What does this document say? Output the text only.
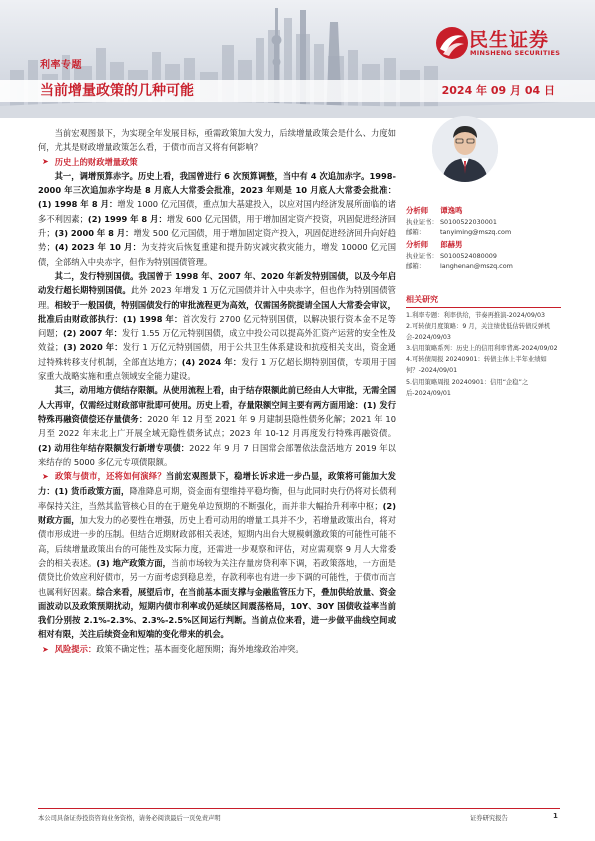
利率专题
当前增量政策的几种可能	2024 年 09 月 04 日
民生证券
MINSHENG SECURITIES

当前宏观图景下，为实现全年发展目标，亟需政策加大发力，后续增量政策会是什么、力度如何，尤其是财政增量政策怎么看，于债市而言又将有何影响？

➤ 历史上的财政增量政策

其一，调增预算赤字。历史上看，我国曾进行 6 次预算调整，当中有 4 次追加赤字。1998-2000 年三次追加赤字均是 8 月底人大常委会批准，2023 年则是 10 月底人大常委会批准：(1) 1998 年 8 月：增发 1000 亿元国债，重点加大基建投入，以应对国内经济发展所面临的诸多不利因素；(2) 1999 年 8 月：增发 600 亿元国债，用于增加固定资产投资，巩固促进经济回升；(3) 2000 年 8 月：增发 500 亿元国债，用于增加固定资产投入，巩固促进经济回升向好趋势；(4) 2023 年 10 月：为支持灾后恢复重建和提升防灾减灾救灾能力，增发 10000 亿元国债，全部纳入中央赤字，但作为特别国债管理。

其二，发行特别国债。我国曾于 1998 年、2007 年、2020 年新发特别国债，以及今年启动发行超长期特别国债。此外 2023 年增发 1 万亿元国债并计入中央赤字，但也作为特别国债管理。相较于一般国债，特别国债发行的审批流程更为高效，仅需国务院提请全国人大常委会审议，批准后由财政部执行：(1) 1998 年：首次发行 2700 亿元特别国债，以解决银行资本金不足等问题；(2) 2007 年：发行 1.55 万亿元特别国债，成立中投公司以提高外汇资产运营的安全性及效益；(3) 2020 年：发行 1 万亿元特别国债，用于公共卫生体系建设和抗疫相关支出，资金通过特殊转移支付机制，全部直达地方；(4) 2024 年：发行 1 万亿超长期特别国债，专项用于国家重大战略实施和重点领域安全能力建设。

其三，动用地方债结存限额。从使用流程上看，由于结存限额此前已经由人大审批，无需全国人大再审，仅需经过财政部审批即可使用。历史上看，存量限额空间主要有两方面用途：(1) 发行特殊再融资债偿还存量债务：2020 年 12 月至 2021 年 9 月建制县隐性债务化解；2021 年 10 月至 2022 年末北上广开展全域无隐性债务试点；2023 年 10-12 月再度发行特殊再融资债。(2) 动用往年结存限额发行新增专项债：2022 年 9 月 7 日国常会部署依法盘活地方 2019 年以来结存的 5000 多亿元专项债限额。

➤ 政策与债市，还将如何演绎？当前宏观图景下，稳增长诉求进一步凸显，政策将可能加大发力：(1) 货币政策方面，降准降息可期，资金面有望维持平稳均衡，但与此同时央行仍将对长债利率保持关注，当然其监管核心目的在于避免单边预期的不断强化，而并非大幅抬升利率中枢；(2) 财政方面，加大发力的必要性在增强，历史上看可动用的增量工具并不少，若增量政策出台，将对债市形成进一步的压制。但结合近期财政部相关表述，短期内出台大规模刺激政策的可能性可能不高，后续增量政策出台的可能性及实际力度，还需进一步观察和评估，对应需观察 9 月人大常委会的相关表述。(3) 地产政策方面，当前市场较为关注存量房贷利率下调，若政策落地，一方面是债贷比价效应利好债市，另一方面考虑到稳息差，存款利率也有进一步下调的可能性，于债市而言也属利好因素。综合来看，展望后市，在当前基本面支撑与金融监管压力下，叠加供给放量、资金面波动以及政策预期扰动，短期内债市利率或仍延续区间震荡格局，10Y、30Y 国债收益率当前我们分别按 2.1%-2.3%、2.3%-2.5%区间运行判断。当前点位来看，进一步做平曲线空间或相对有限，关注后续资金和短端的变化带来的机会。

➤ 风险提示：政策不确定性；基本面变化超预期；海外地缘政治冲突。

分析师 谭逸鸣
执业证书： S0100522030001
邮箱： tanyiming@mszq.com
分析师 郎赫男
执业证书： S0100524080009
邮箱： langhenan@mszq.com
相关研究
1.利率专题：利率供给，节奏再推演-2024/09/03
2.可转债月度策略：9 月，关注绩优低估转债反弹机会-2024/09/03
3.信用策略系列：历史上的信用利率背离-2024/09/02
4.可转债周报 20240901：转债主体上半年业绩如何？-2024/09/01
5.信用策略周报 20240901：信用“企稳”之后-2024/09/01
本公司具备证券投资咨询业务资格，请务必阅读最后一页免责声明	证券研究报告	1
